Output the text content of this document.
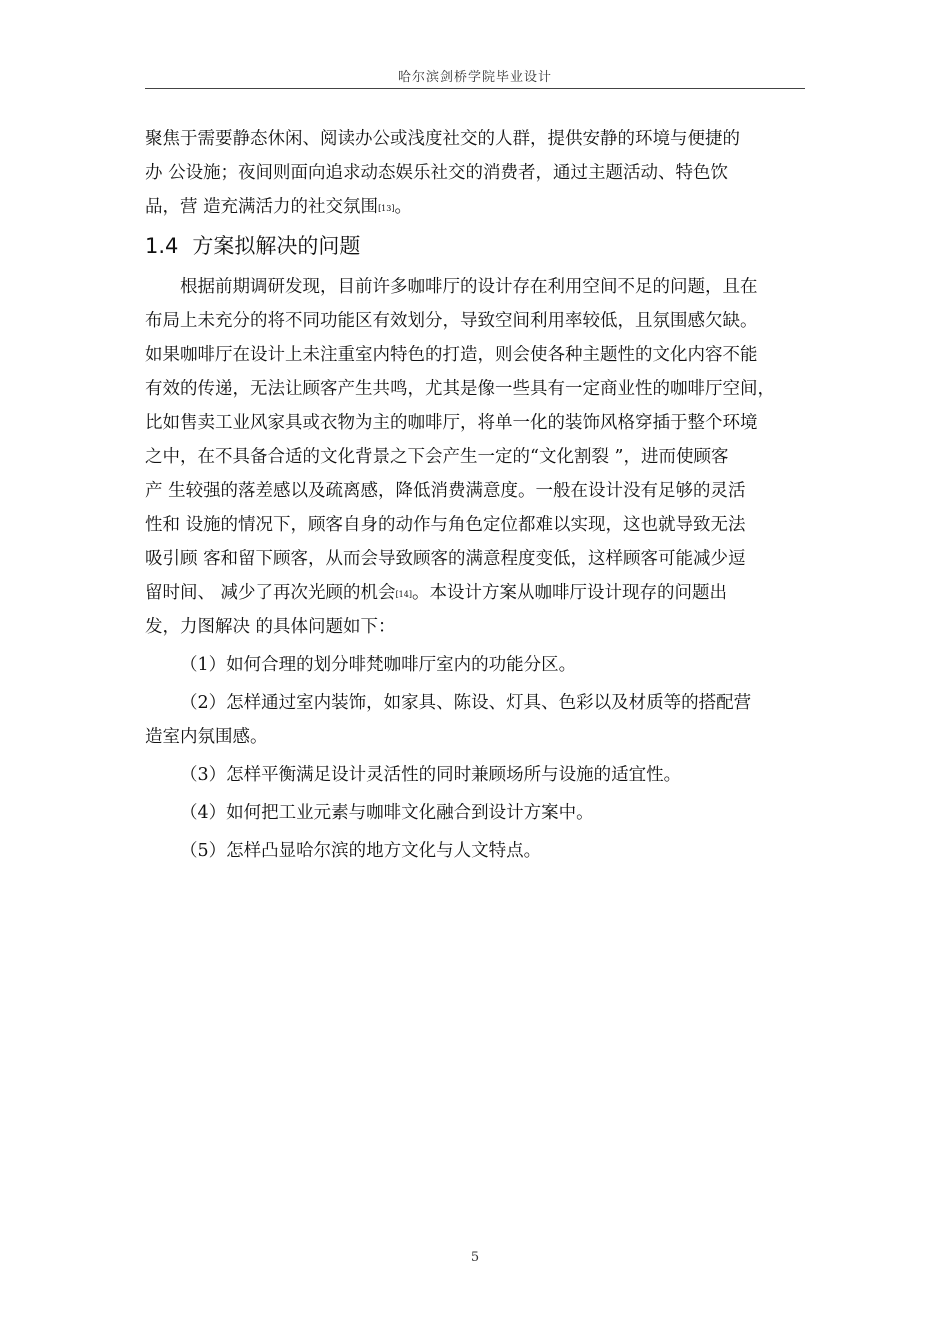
哈尔滨剑桥学院毕业设计
聚焦于需要静态休闲、阅读办公或浅度社交的人群，提供安静的环境与便捷的
办 公设施；夜间则面向追求动态娱乐社交的消费者，通过主题活动、特色饮
品，营 造充满活力的社交氛围[13]。
1.4 方案拟解决的问题
根据前期调研发现，目前许多咖啡厅的设计存在利用空间不足的问题，且在
布局上未充分的将不同功能区有效划分，导致空间利用率较低，且氛围感欠缺。
如果咖啡厅在设计上未注重室内特色的打造，则会使各种主题性的文化内容不能
有效的传递，无法让顾客产生共鸣，尤其是像一些具有一定商业性的咖啡厅空间，
比如售卖工业风家具或衣物为主的咖啡厅，将单一化的装饰风格穿插于整个环境
之中，在不具备合适的文化背景之下会产生一定的“文化割裂 ”，进而使顾客
产 生较强的落差感以及疏离感，降低消费满意度。一般在设计没有足够的灵活
性和 设施的情况下，顾客自身的动作与角色定位都难以实现，这也就导致无法
吸引顾 客和留下顾客，从而会导致顾客的满意程度变低，这样顾客可能减少逗
留时间、 减少了再次光顾的机会[14]。本设计方案从咖啡厅设计现存的问题出
发，力图解决 的具体问题如下：
（1）如何合理的划分啡梵咖啡厅室内的功能分区。
（2）怎样通过室内装饰，如家具、陈设、灯具、色彩以及材质等的搭配营
造室内氛围感。
（3）怎样平衡满足设计灵活性的同时兼顾场所与设施的适宜性。
（4）如何把工业元素与咖啡文化融合到设计方案中。
（5）怎样凸显哈尔滨的地方文化与人文特点。
5
